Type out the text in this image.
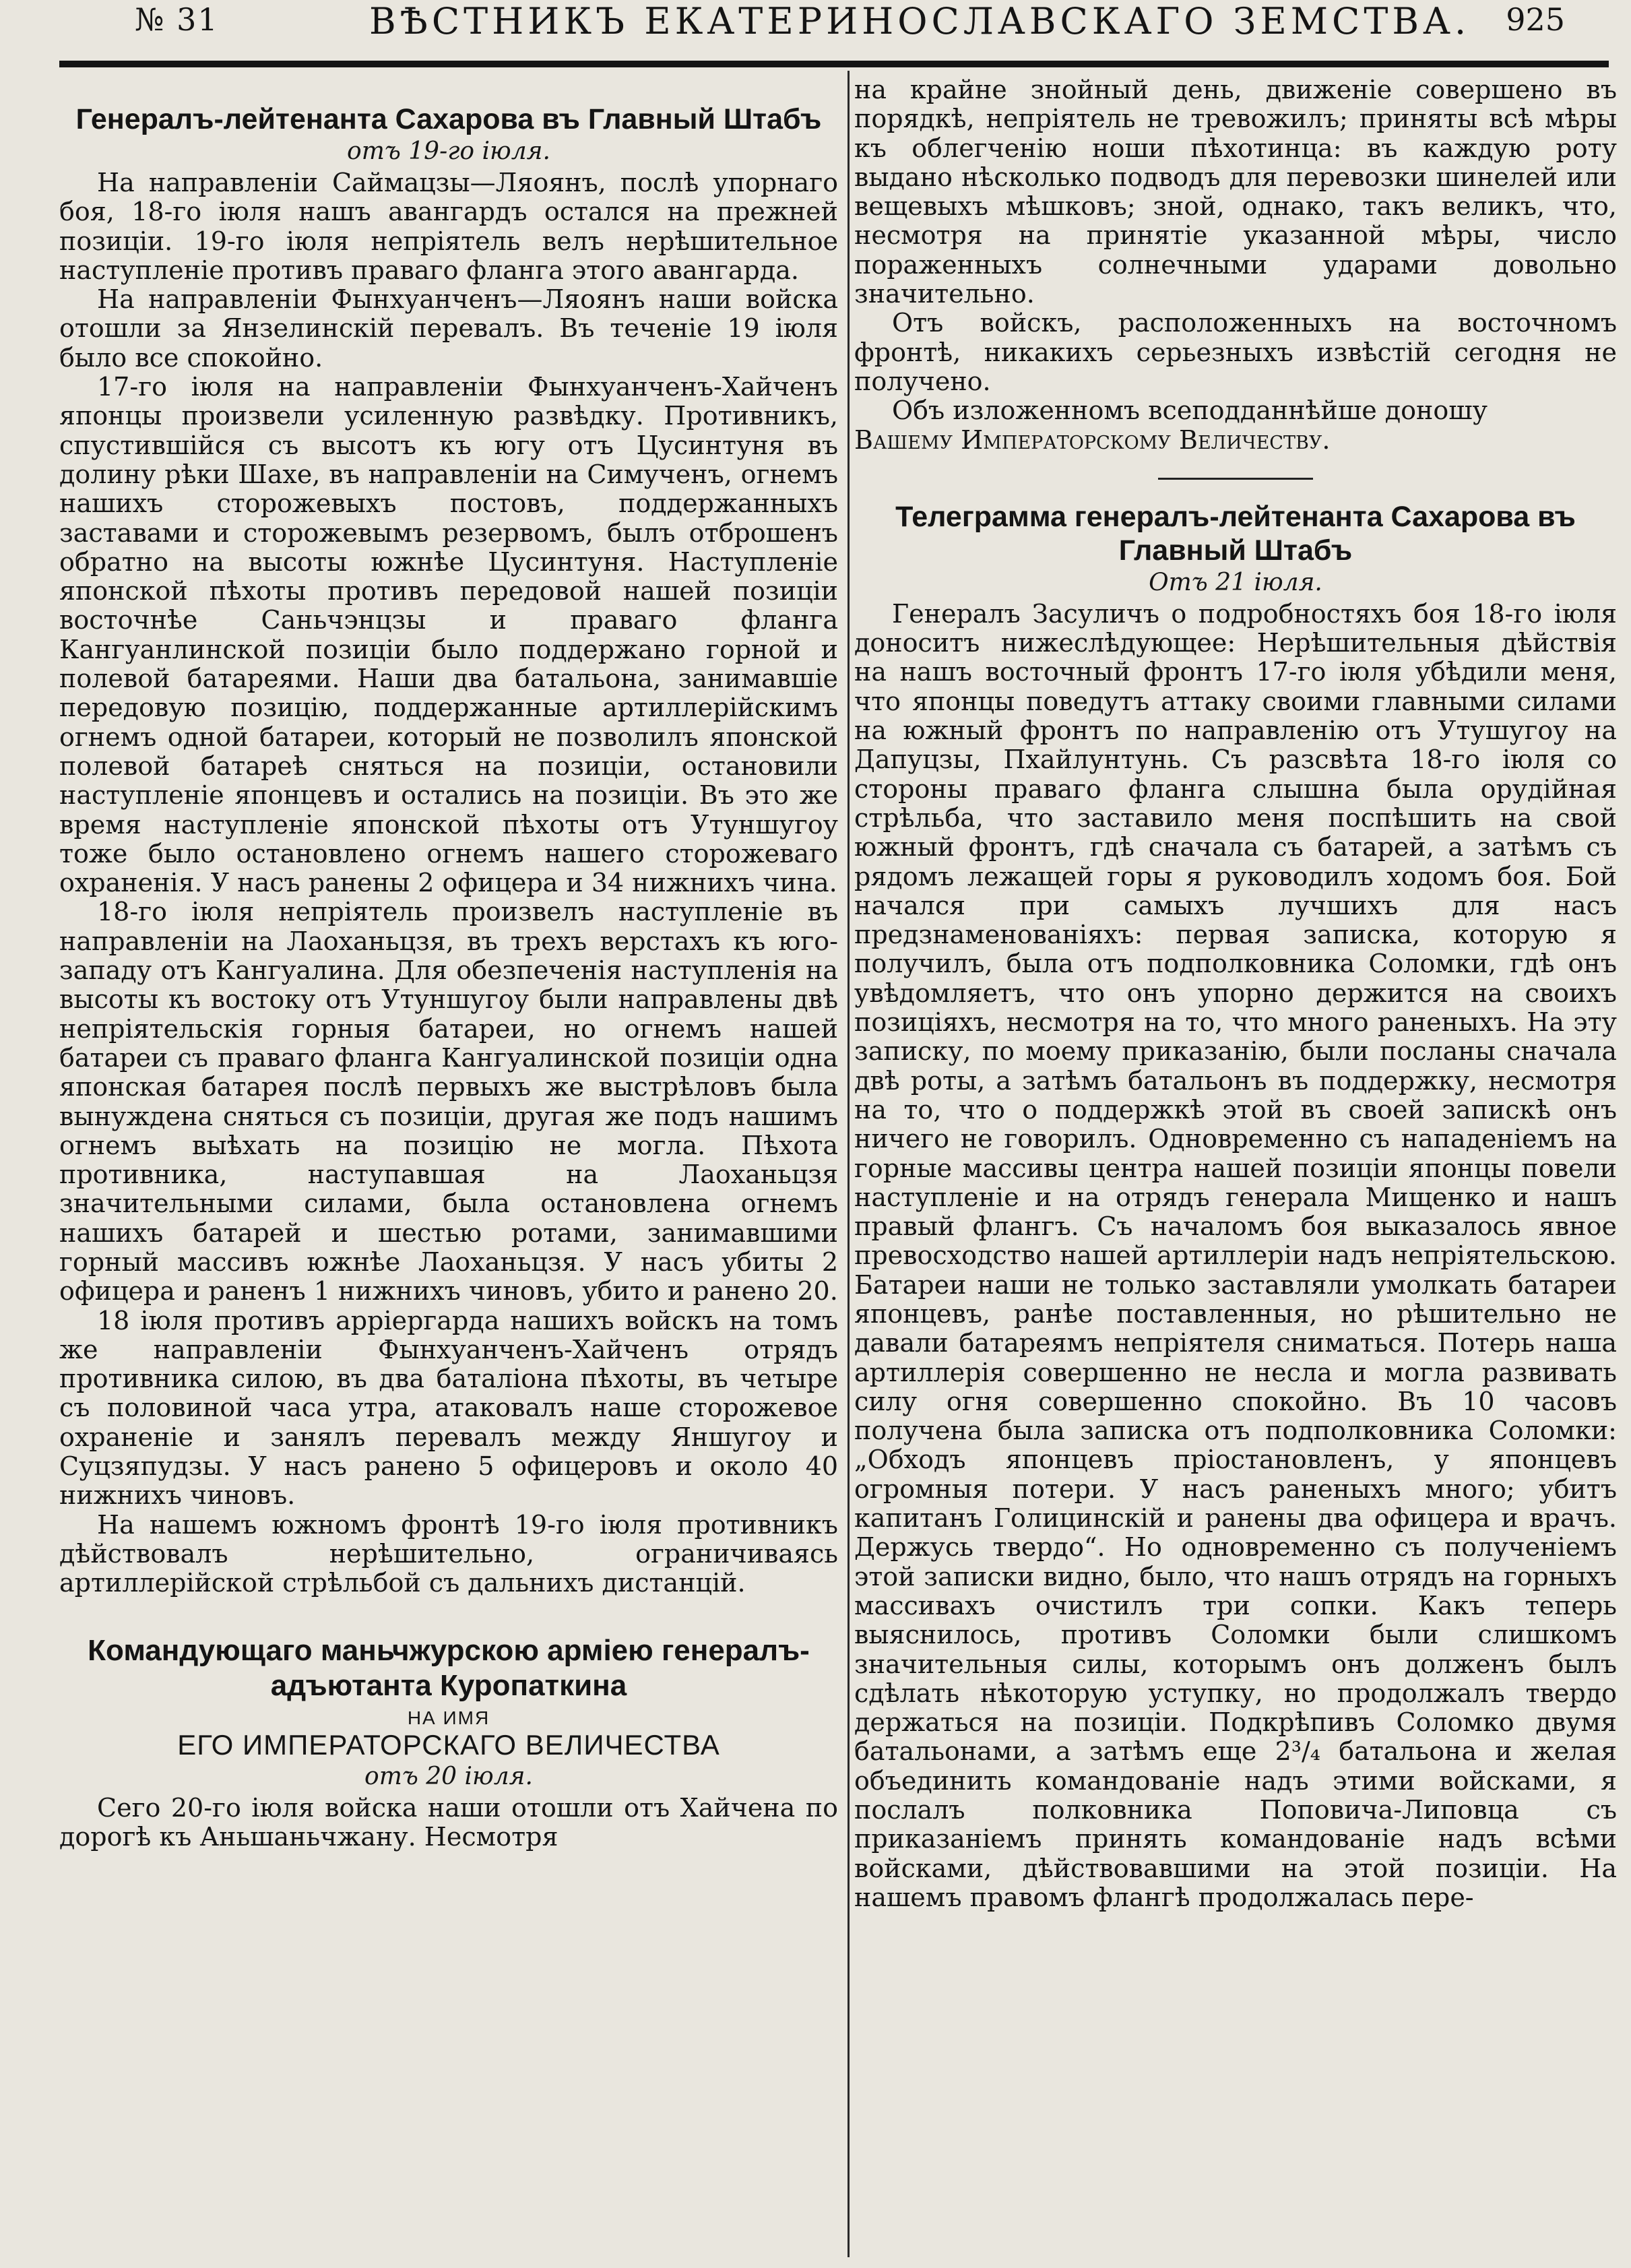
№ 31	ВѢСТНИКЪ ЕКАТЕРИНОСЛАВСКАГО ЗЕМСТВА. 925
Генералъ-лейтенанта Сахарова въ Главный Штабъ
отъ 19-го іюля.

На направленіи Саймацзы—Ляоянъ, послѣ упорнаго боя, 18-го іюля нашъ авангардъ остался на прежней позиціи. 19-го іюля непріятель велъ нерѣшительное наступленіе противъ праваго фланга этого авангарда.

На направленіи Фынхуанченъ—Ляоянъ наши войска отошли за Янзелинскій перевалъ. Въ теченіе 19 іюля было все спокойно.

17-го іюля на направленіи Фынхуанченъ-Хайченъ японцы произвели усиленную развѣдку. Противникъ, спустившійся съ высотъ къ югу отъ Цусинтуня въ долину рѣки Шахе, въ направленіи на Симученъ, огнемъ нашихъ сторожевыхъ постовъ, поддержанныхъ заставами и сторожевымъ резервомъ, былъ отброшенъ обратно на высоты южнѣе Цусинтуня. Наступленіе японской пѣхоты противъ передовой нашей позиціи восточнѣе Саньчэнцзы и праваго фланга Кангуанлинской позиціи было поддержано горной и полевой батареями. Наши два батальона, занимавшіе передовую позицію, поддержанные артиллерійскимъ огнемъ одной батареи, который не позволилъ японской полевой батареѣ сняться на позиціи, остановили наступленіе японцевъ и остались на позиціи. Въ это же время наступленіе японской пѣхоты отъ Утуншугоу тоже было остановлено огнемъ нашего сторожеваго охраненія. У насъ ранены 2 офицера и 34 нижнихъ чина.

18-го іюля непріятель произвелъ наступленіе въ направленіи на Лаоханьцзя, въ трехъ верстахъ къ юго-западу отъ Кангуалина. Для обезпеченія наступленія на высоты къ востоку отъ Утуншугоу были направлены двѣ непріятельскія горныя батареи, но огнемъ нашей батареи съ праваго фланга Кангуалинской позиціи одна японская батарея послѣ первыхъ же выстрѣловъ была вынуждена сняться съ позиціи, другая же подъ нашимъ огнемъ выѣхать на позицію не могла. Пѣхота противника, наступавшая на Лаоханьцзя значительными силами, была остановлена огнемъ нашихъ батарей и шестью ротами, занимавшими горный массивъ южнѣе Лаоханьцзя. У насъ убиты 2 офицера и раненъ 1 нижнихъ чиновъ, убито и ранено 20.

18 іюля противъ арріергарда нашихъ войскъ на томъ же направленіи Фынхуанченъ-Хайченъ отрядъ противника силою, въ два баталіона пѣхоты, въ четыре съ половиной часа утра, атаковалъ наше сторожевое охраненіе и занялъ перевалъ между Яншугоу и Суцзяпудзы. У насъ ранено 5 офицеровъ и около 40 нижнихъ чиновъ.

На нашемъ южномъ фронтѣ 19-го іюля противникъ дѣйствовалъ нерѣшительно, ограничиваясь артиллерійской стрѣльбой съ дальнихъ дистанцій.

Командующаго маньчжурскою арміею генералъ-адъютанта Куропаткина
НА ИМЯ
ЕГО ИМПЕРАТОРСКАГО ВЕЛИЧЕСТВА
отъ 20 іюля.

Сего 20-го іюля войска наши отошли отъ Хайчена по дорогѣ къ Аньшаньчжану. Несмотря

на крайне знойный день, движеніе совершено въ порядкѣ, непріятель не тревожилъ; приняты всѣ мѣры къ облегченію ноши пѣхотинца: въ каждую роту выдано нѣсколько подводъ для перевозки шинелей или вещевыхъ мѣшковъ; зной, однако, такъ великъ, что, несмотря на принятіе указанной мѣры, число пораженныхъ солнечными ударами довольно значительно.

Отъ войскъ, расположенныхъ на восточномъ фронтѣ, никакихъ серьезныхъ извѣстій сегодня не получено.

Объ изложенномъ всеподданнѣйше доношу

Вашему Императорскому Величеству.

Телеграмма генералъ-лейтенанта Сахарова въ Главный Штабъ
Отъ 21 іюля.

Генералъ Засуличъ о подробностяхъ боя 18-го іюля доноситъ нижеслѣдующее: Нерѣшительныя дѣйствія на нашъ восточный фронтъ 17-го іюля убѣдили меня, что японцы поведутъ аттаку своими главными силами на южный фронтъ по направленію отъ Утушугоу на Дапуцзы, Пхайлунтунь. Съ разсвѣта 18-го іюля со стороны праваго фланга слышна была орудійная стрѣльба, что заставило меня поспѣшить на свой южный фронтъ, гдѣ сначала съ батарей, а затѣмъ съ рядомъ лежащей горы я руководилъ ходомъ боя. Бой начался при самыхъ лучшихъ для насъ предзнаменованіяхъ: первая записка, которую я получилъ, была отъ подполковника Соломки, гдѣ онъ увѣдомляетъ, что онъ упорно держится на своихъ позиціяхъ, несмотря на то, что много раненыхъ. На эту записку, по моему приказанію, были посланы сначала двѣ роты, а затѣмъ батальонъ въ поддержку, несмотря на то, что о поддержкѣ этой въ своей запискѣ онъ ничего не говорилъ. Одновременно съ нападеніемъ на горные массивы центра нашей позиціи японцы повели наступленіе и на отрядъ генерала Мищенко и нашъ правый флангъ. Съ началомъ боя выказалось явное превосходство нашей артиллеріи надъ непріятельскою. Батареи наши не только заставляли умолкать батареи японцевъ, ранѣе поставленныя, но рѣшительно не давали батареямъ непріятеля сниматься. Потерь наша артиллерія совершенно не несла и могла развивать силу огня совершенно спокойно. Въ 10 часовъ получена была записка отъ подполковника Соломки: „Обходъ японцевъ пріостановленъ, у японцевъ огромныя потери. У насъ раненыхъ много; убитъ капитанъ Голицинскій и ранены два офицера и врачъ. Держусь твердо“. Но одновременно съ полученіемъ этой записки видно, было, что нашъ отрядъ на горныхъ массивахъ очистилъ три сопки. Какъ теперь выяснилось, противъ Соломки были слишкомъ значительныя силы, которымъ онъ долженъ былъ сдѣлать нѣкоторую уступку, но продолжалъ твердо держаться на позиціи. Подкрѣпивъ Соломко двумя батальонами, а затѣмъ еще 2³/₄ батальона и желая объединить командованіе надъ этими войсками, я послалъ полковника Поповича-Липовца съ приказаніемъ принять командованіе надъ всѣми войсками, дѣйствовавшими на этой позиціи. На нашемъ правомъ флангѣ продолжалась пере-
